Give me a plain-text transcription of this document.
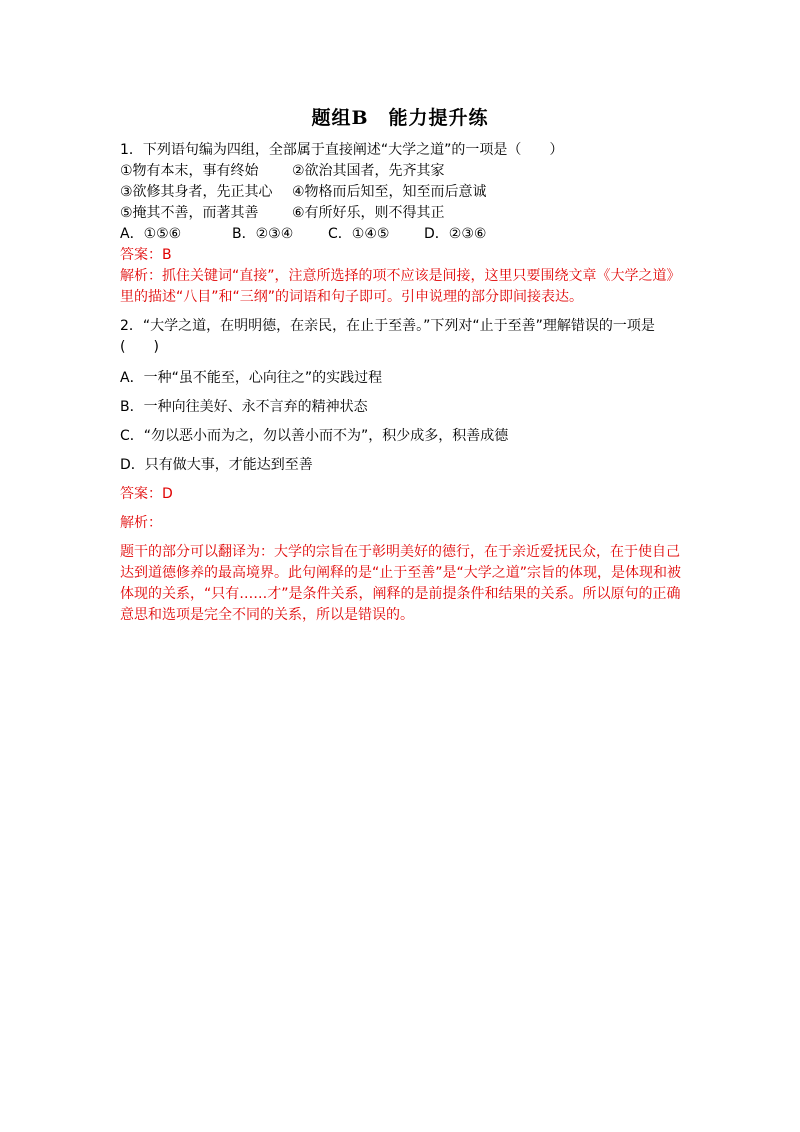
题组B　能力提升练
1．下列语句编为四组，全部属于直接阐述“大学之道”的一项是（　　）
①物有本末，事有终始 ②欲治其国者，先齐其家
③欲修其身者，先正其心 ④物格而后知至，知至而后意诚
⑤掩其不善，而著其善 ⑥有所好乐，则不得其正
A．①⑤⑥	B．②③④ C．①④⑤ D．②③⑥
答案：B
解析：抓住关键词“直接”，注意所选择的项不应该是间接，这里只要围绕文章《大学之道》里的描述“八目”和“三纲”的词语和句子即可。引申说理的部分即间接表达。
2．“大学之道，在明明德，在亲民，在止于至善。”下列对“止于至善”理解错误的一项是(　　)
A．一种“虽不能至，心向往之”的实践过程
B．一种向往美好、永不言弃的精神状态
C．“勿以恶小而为之，勿以善小而不为”，积少成多，积善成德
D．只有做大事，才能达到至善
答案：D
解析：
题干的部分可以翻译为：大学的宗旨在于彰明美好的德行，在于亲近爱抚民众，在于使自己达到道德修养的最高境界。此句阐释的是“止于至善”是“大学之道”宗旨的体现，是体现和被体现的关系，“只有……才”是条件关系，阐释的是前提条件和结果的关系。所以原句的正确意思和选项是完全不同的关系，所以是错误的。
